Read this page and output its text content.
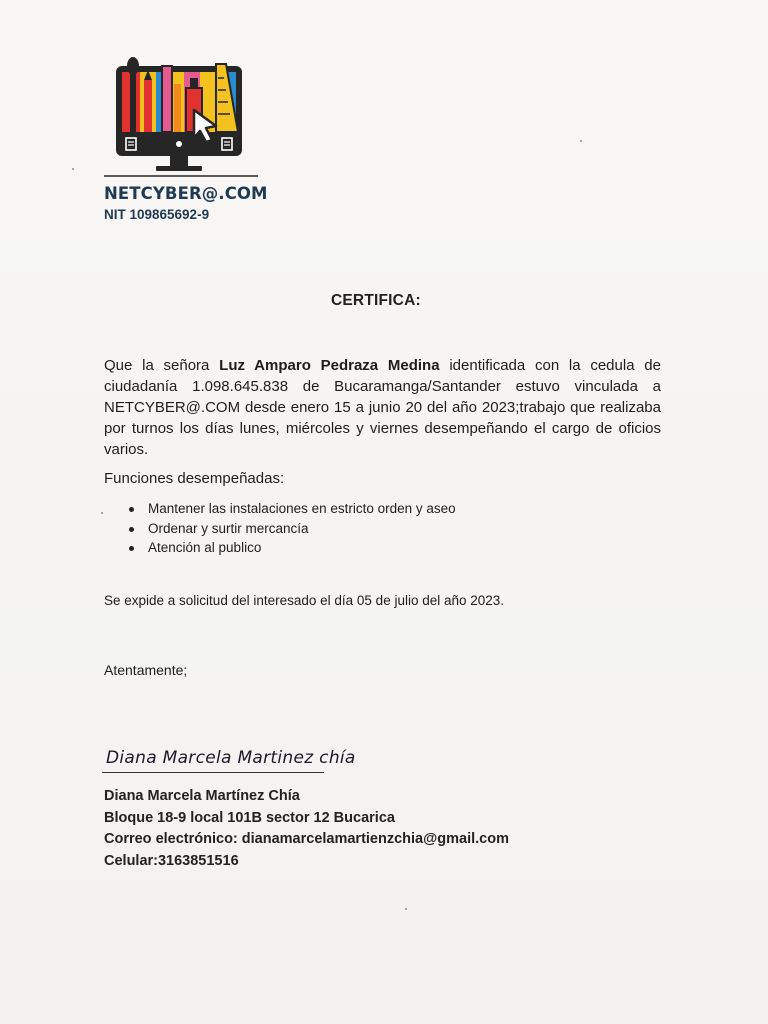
NETCYBER@.COM
NIT 109865692-9
CERTIFICA:
Que la señora Luz Amparo Pedraza Medina identificada con la cedula de ciudadanía 1.098.645.838 de Bucaramanga/Santander estuvo vinculada a NETCYBER@.COM desde enero 15 a junio 20 del año 2023;trabajo que realizaba por turnos los días lunes, miércoles y viernes desempeñando el cargo de oficios varios.
Funciones desempeñadas:
Mantener las instalaciones en estricto orden y aseo
Ordenar y surtir mercancía
Atención al publico
Se expide a solicitud del interesado el día 05 de julio del año 2023.
Atentamente;
Diana Marcela Martinez chía
Diana Marcela Martínez Chía
Bloque 18-9 local 101B sector 12 Bucarica
Correo electrónico: dianamarcelamartienzchia@gmail.com
Celular:3163851516
